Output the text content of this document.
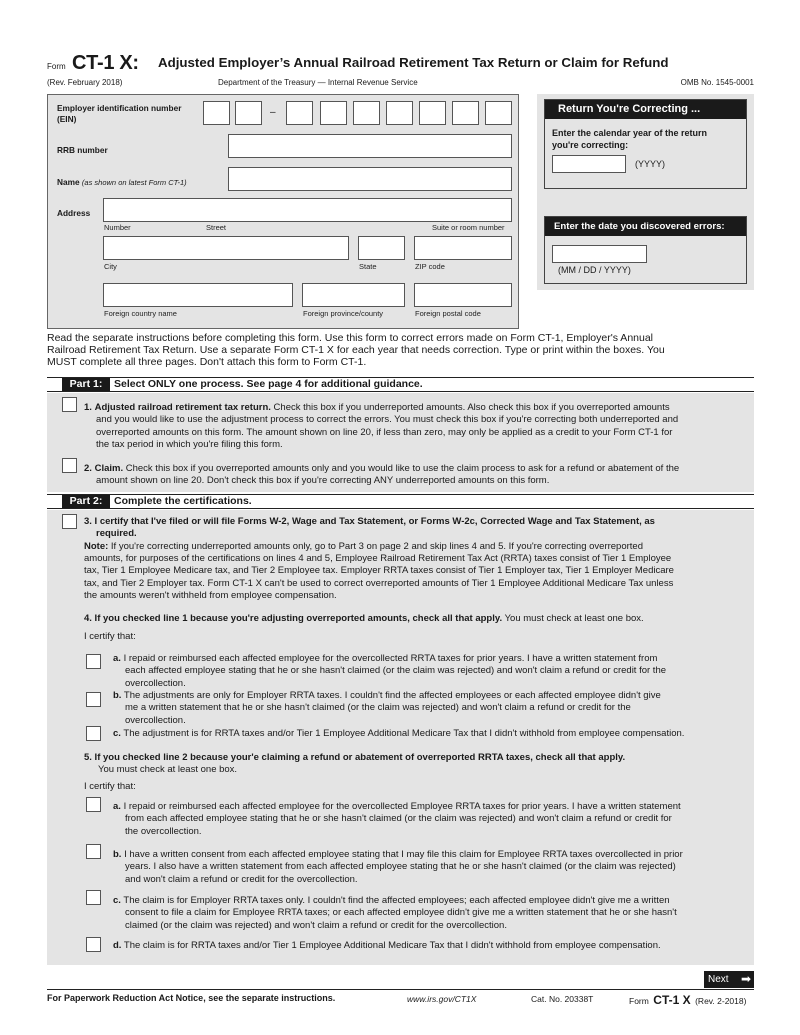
Form CT-1 X: Adjusted Employer’s Annual Railroad Retirement Tax Return or Claim for Refund
(Rev. February 2018)	Department of the Treasury — Internal Revenue Service	OMB No. 1545-0001
Employer identification number
(EIN)
–
RRB number
Name (as shown on latest Form CT-1)
Address
Number	Street	Suite or room number
City	State	ZIP code
Foreign country name	Foreign province/county	Foreign postal code
Return You're Correcting ...
Enter the calendar year of the return
you're correcting:
(YYYY)
Enter the date you discovered errors:
(MM / DD / YYYY)
Read the separate instructions before completing this form. Use this form to correct errors made on Form CT-1, Employer's Annual
Railroad Retirement Tax Return. Use a separate Form CT-1 X for each year that needs correction. Type or print within the boxes. You
MUST complete all three pages. Don't attach this form to Form CT-1.
Part 1:	Select ONLY one process. See page 4 for additional guidance.
1. Adjusted railroad retirement tax return. Check this box if you underreported amounts. Also check this box if you overreported amounts
and you would like to use the adjustment process to correct the errors. You must check this box if you're correcting both underreported and
overreported amounts on this form. The amount shown on line 20, if less than zero, may only be applied as a credit to your Form CT-1 for
the tax period in which you're filing this form.
2. Claim. Check this box if you overreported amounts only and you would like to use the claim process to ask for a refund or abatement of the
amount shown on line 20. Don't check this box if you're correcting ANY underreported amounts on this form.
Part 2:	Complete the certifications.
3. I certify that I've filed or will file Forms W-2, Wage and Tax Statement, or Forms W-2c, Corrected Wage and Tax Statement, as
required.
Note: If you're correcting underreported amounts only, go to Part 3 on page 2 and skip lines 4 and 5. If you're correcting overreported
amounts, for purposes of the certifications on lines 4 and 5, Employee Railroad Retirement Tax Act (RRTA) taxes consist of Tier 1 Employee
tax, Tier 1 Employee Medicare tax, and Tier 2 Employee tax. Employer RRTA taxes consist of Tier 1 Employer tax, Tier 1 Employer Medicare
tax, and Tier 2 Employer tax. Form CT-1 X can't be used to correct overreported amounts of Tier 1 Employee Additional Medicare Tax unless
the amounts weren't withheld from employee compensation.
4. If you checked line 1 because you're adjusting overreported amounts, check all that apply. You must check at least one box.
I certify that:
a. I repaid or reimbursed each affected employee for the overcollected RRTA taxes for prior years. I have a written statement from
each affected employee stating that he or she hasn't claimed (or the claim was rejected) and won't claim a refund or credit for the
overcollection.
b. The adjustments are only for Employer RRTA taxes. I couldn't find the affected employees or each affected employee didn't give
me a written statement that he or she hasn't claimed (or the claim was rejected) and won't claim a refund or credit for the
overcollection.
c. The adjustment is for RRTA taxes and/or Tier 1 Employee Additional Medicare Tax that I didn't withhold from employee compensation.
5. If you checked line 2 because your'e claiming a refund or abatement of overreported RRTA taxes, check all that apply.
You must check at least one box.
I certify that:
a. I repaid or reimbursed each affected employee for the overcollected Employee RRTA taxes for prior years. I have a written statement
from each affected employee stating that he or she hasn't claimed (or the claim was rejected) and won't claim a refund or credit for
the overcollection.
b. I have a written consent from each affected employee stating that I may file this claim for Employee RRTA taxes overcollected in prior
years. I also have a written statement from each affected employee stating that he or she hasn't claimed (or the claim was rejected)
and won't claim a refund or credit for the overcollection.
c. The claim is for Employer RRTA taxes only. I couldn't find the affected employees; each affected employee didn't give me a written
consent to file a claim for Employee RRTA taxes; or each affected employee didn't give me a written statement that he or she hasn't
claimed (or the claim was rejected) and won't claim a refund or credit for the overcollection.
d. The claim is for RRTA taxes and/or Tier 1 Employee Additional Medicare Tax that I didn't withhold from employee compensation.
Next ➡
For Paperwork Reduction Act Notice, see the separate instructions.	www.irs.gov/CT1X	Cat. No. 20338T	Form CT-1 X (Rev. 2-2018)
